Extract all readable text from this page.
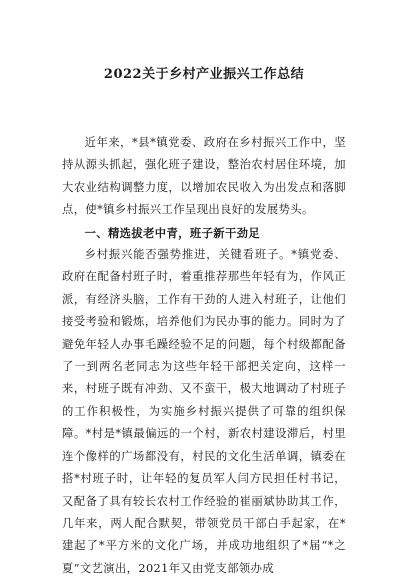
2022关于乡村产业振兴工作总结

近年来，*县*镇党委、政府在乡村振兴工作中，坚持从源头抓起，强化班子建设，整治农村居住环境，加大农业结构调整力度，以增加农民收入为出发点和落脚点，使*镇乡村振兴工作呈现出良好的发展势头。

一、精选拔老中青，班子新干劲足

乡村振兴能否强势推进，关键看班子。*镇党委、政府在配备村班子时，着重推荐那些年轻有为，作风正派，有经济头脑，工作有干劲的人进入村班子，让他们接受考验和锻炼，培养他们为民办事的能力。同时为了避免年轻人办事毛躁经验不足的问题，每个村级都配备了一到两名老同志为这些年轻干部把关定向，这样一来，村班子既有冲劲、又不蛮干，极大地调动了村班子的工作积极性，为实施乡村振兴提供了可靠的组织保障。*村是*镇最偏远的一个村，新农村建设滞后，村里连个像样的广场都没有，村民的文化生活单调，镇委在搭*村班子时，让年轻的复员军人闫方民担任村书记，又配备了具有较长农村工作经验的崔丽斌协助其工作，几年来，两人配合默契，带领党员干部白手起家，在*建起了*平方米的文化广场，并成功地组织了*届“*之夏”文艺演出，2021年又由党支部领办成
